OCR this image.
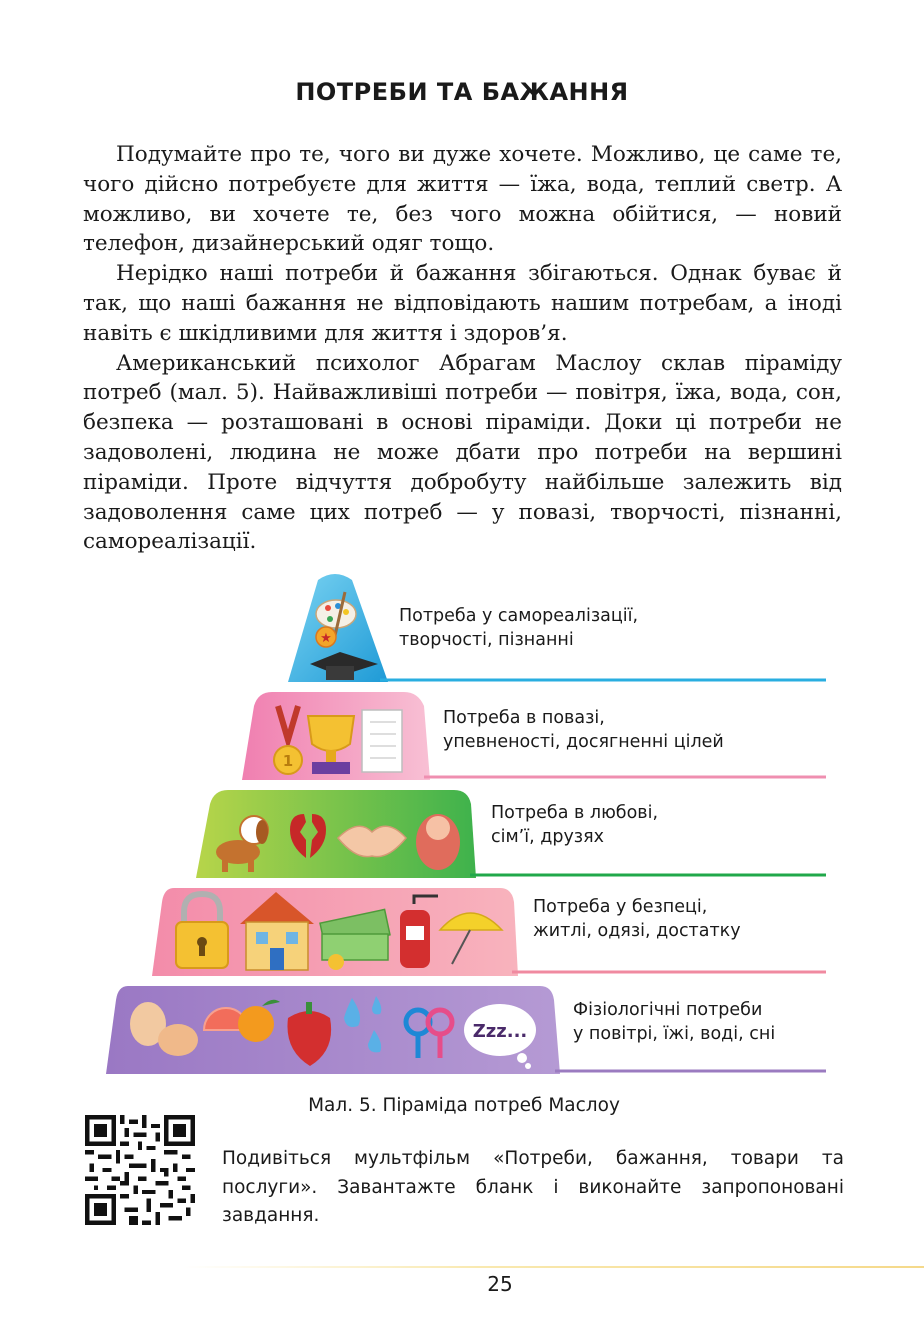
ПОТРЕБИ ТА БАЖАННЯ

Подумайте про те, чого ви дуже хочете. Можливо, це саме те, чого дійсно потребуєте для життя — їжа, вода, теплий светр. А можливо, ви хочете те, без чого можна обійтися, — новий телефон, дизайнерський одяг тощо.

Нерідко наші потреби й бажання збігаються. Однак буває й так, що наші бажання не відповідають нашим потребам, а іноді навіть є шкідливими для життя і здоров’я.

Американський психолог Абрагам Маслоу склав піраміду потреб (мал. 5). Найважливіші потреби — повітря, їжа, вода, сон, безпека — розташовані в основі піраміди. Доки ці потреби не задоволені, людина не може дбати про потреби на вершині піраміди. Проте відчуття добробуту найбільше залежить від задоволення саме цих потреб — у повазі, творчості, пізнанні, самореалізації.

★
1
Zzz...
Потреба у самореалізації,
творчості, пізнанні
Потреба в повазі,
упевненості, досягненні цілей
Потреба в любові,
сім’ї, друзях
Потреба у безпеці,
житлі, одязі, достатку
Фізіологічні потреби
у повітрі, їжі, воді, сні
Мал. 5. Піраміда потреб Маслоу
Подивіться мультфільм «Потреби, бажання, товари та послуги». Завантажте бланк і виконайте запропоновані завдання.
25
